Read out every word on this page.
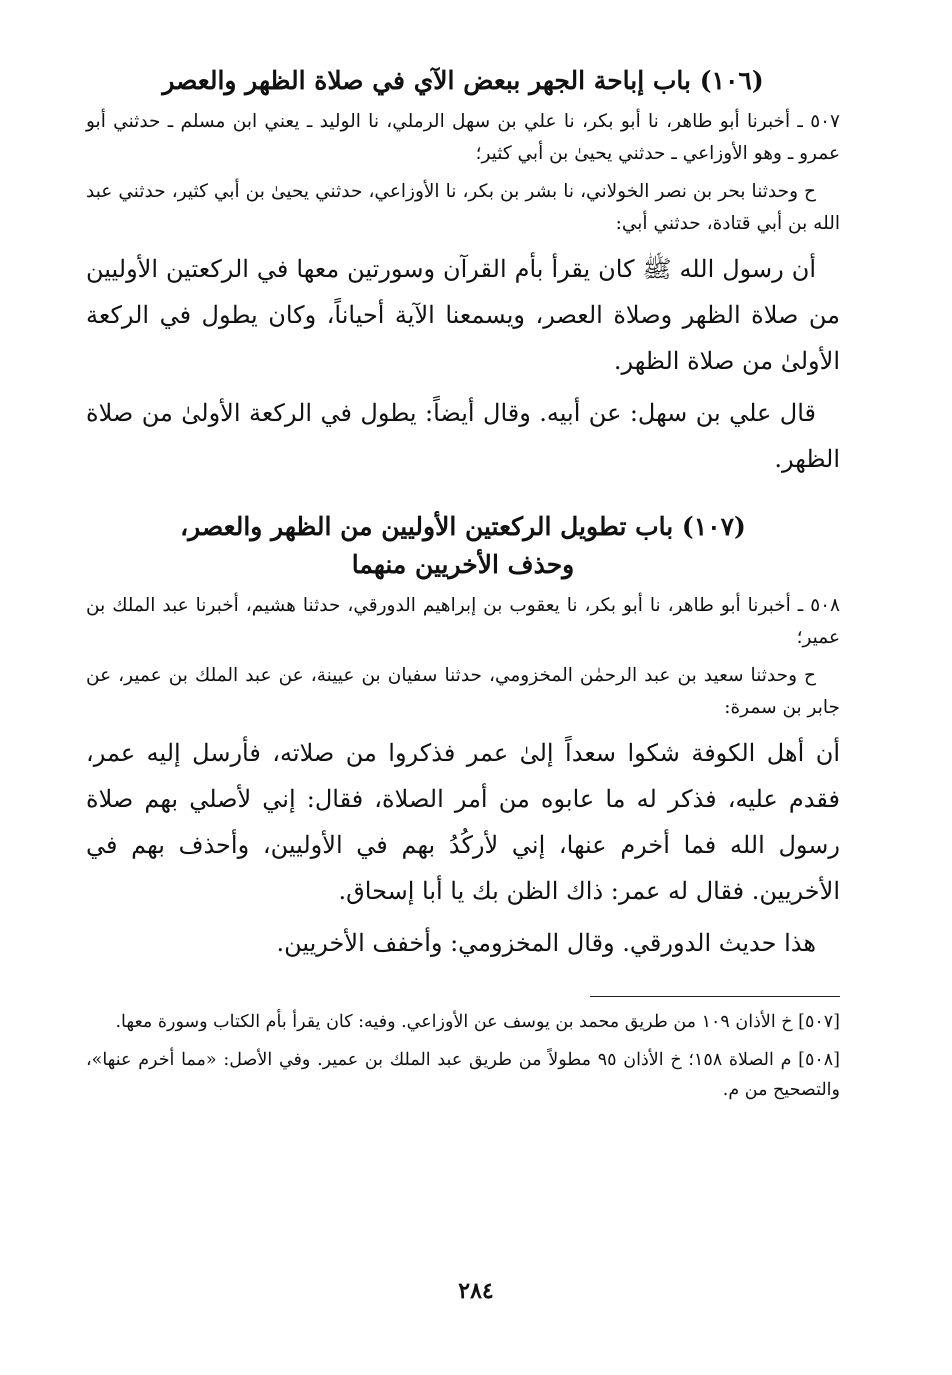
(١٠٦) باب إباحة الجهر ببعض الآي في صلاة الظهر والعصر

٥٠٧ ـ أخبرنا أبو طاهر، نا أبو بكر، نا علي بن سهل الرملي، نا الوليد ـ يعني ابن مسلم ـ حدثني أبو عمرو ـ وهو الأوزاعي ـ حدثني يحيىٰ بن أبي كثير؛

ح وحدثنا بحر بن نصر الخولاني، نا بشر بن بكر، نا الأوزاعي، حدثني يحيىٰ بن أبي كثير، حدثني عبد الله بن أبي قتادة، حدثني أبي:

أن رسول الله ﷺ كان يقرأ بأم القرآن وسورتين معها في الركعتين الأوليين من صلاة الظهر وصلاة العصر، ويسمعنا الآية أحياناً، وكان يطول في الركعة الأولىٰ من صلاة الظهر.

قال علي بن سهل: عن أبيه. وقال أيضاً: يطول في الركعة الأولىٰ من صلاة الظهر.

(١٠٧) باب تطويل الركعتين الأوليين من الظهر والعصر،
وحذف الأخريين منهما

٥٠٨ ـ أخبرنا أبو طاهر، نا أبو بكر، نا يعقوب بن إبراهيم الدورقي، حدثنا هشيم، أخبرنا عبد الملك بن عمير؛

ح وحدثنا سعيد بن عبد الرحمٰن المخزومي، حدثنا سفيان بن عيينة، عن عبد الملك بن عمير، عن جابر بن سمرة:

أن أهل الكوفة شكوا سعداً إلىٰ عمر فذكروا من صلاته، فأرسل إليه عمر، فقدم عليه، فذكر له ما عابوه من أمر الصلاة، فقال: إني لأصلي بهم صلاة رسول الله فما أخرم عنها، إني لأركُدُ بهم في الأوليين، وأحذف بهم في الأخريين. فقال له عمر: ذاك الظن بك يا أبا إسحاق.

هذا حديث الدورقي. وقال المخزومي: وأخفف الأخريين.

[٥٠٧] خ الأذان ١٠٩ من طريق محمد بن يوسف عن الأوزاعي. وفيه: كان يقرأ بأم الكتاب وسورة معها.

[٥٠٨] م الصلاة ١٥٨؛ خ الأذان ٩٥ مطولاً من طريق عبد الملك بن عمير. وفي الأصل: «مما أخرم عنها»، والتصحيح من م.

٢٨٤
